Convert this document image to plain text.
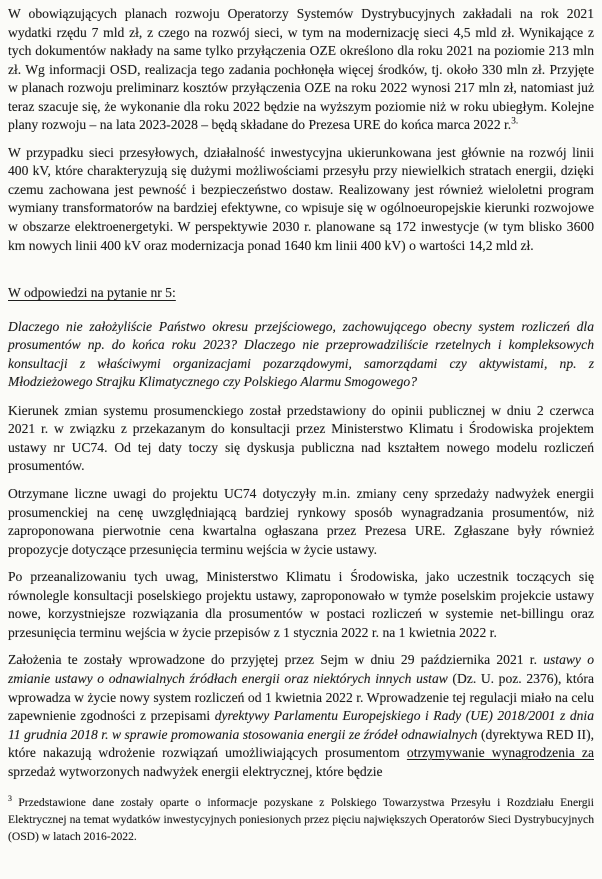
W obowiązujących planach rozwoju Operatorzy Systemów Dystrybucyjnych zakładali na rok 2021 wydatki rzędu 7 mld zł, z czego na rozwój sieci, w tym na modernizację sieci 4,5 mld zł. Wynikające z tych dokumentów nakłady na same tylko przyłączenia OZE określono dla roku 2021 na poziomie 213 mln zł. Wg informacji OSD, realizacja tego zadania pochłonęła więcej środków, tj. około 330 mln zł. Przyjęte w planach rozwoju preliminarz kosztów przyłączenia OZE na roku 2022 wynosi 217 mln zł, natomiast już teraz szacuje się, że wykonanie dla roku 2022 będzie na wyższym poziomie niż w roku ubiegłym. Kolejne plany rozwoju – na lata 2023-2028 – będą składane do Prezesa URE do końca marca 2022 r.$^{3.}$

W przypadku sieci przesyłowych, działalność inwestycyjna ukierunkowana jest głównie na rozwój linii 400 kV, które charakteryzują się dużymi możliwościami przesyłu przy niewielkich stratach energii, dzięki czemu zachowana jest pewność i bezpieczeństwo dostaw. Realizowany jest również wieloletni program wymiany transformatorów na bardziej efektywne, co wpisuje się w ogólnoeuropejskie kierunki rozwojowe w obszarze elektroenergetyki. W perspektywie 2030 r. planowane są 172 inwestycje (w tym blisko 3600 km nowych linii 400 kV oraz modernizacja ponad 1640 km linii 400 kV) o wartości 14,2 mld zł.

W odpowiedzi na pytanie nr 5:

Dlaczego nie założyliście Państwo okresu przejściowego, zachowującego obecny system rozliczeń dla prosumentów np. do końca roku 2023? Dlaczego nie przeprowadziliście rzetelnych i kompleksowych konsultacji z właściwymi organizacjami pozarządowymi, samorządami czy aktywistami, np. z Młodzieżowego Strajku Klimatycznego czy Polskiego Alarmu Smogowego?

Kierunek zmian systemu prosumenckiego został przedstawiony do opinii publicznej w dniu 2 czerwca 2021 r. w związku z przekazanym do konsultacji przez Ministerstwo Klimatu i Środowiska projektem ustawy nr UC74. Od tej daty toczy się dyskusja publiczna nad kształtem nowego modelu rozliczeń prosumentów.

Otrzymane liczne uwagi do projektu UC74 dotyczyły m.in. zmiany ceny sprzedaży nadwyżek energii prosumenckiej na cenę uwzględniającą bardziej rynkowy sposób wynagradzania prosumentów, niż zaproponowana pierwotnie cena kwartalna ogłaszana przez Prezesa URE. Zgłaszane były również propozycje dotyczące przesunięcia terminu wejścia w życie ustawy.

Po przeanalizowaniu tych uwag, Ministerstwo Klimatu i Środowiska, jako uczestnik toczących się równolegle konsultacji poselskiego projektu ustawy, zaproponowało w tymże poselskim projekcie ustawy nowe, korzystniejsze rozwiązania dla prosumentów w postaci rozliczeń w systemie net-billingu oraz przesunięcia terminu wejścia w życie przepisów z 1 stycznia 2022 r. na 1 kwietnia 2022 r.

Założenia te zostały wprowadzone do przyjętej przez Sejm w dniu 29 października 2021 r. ustawy o zmianie ustawy o odnawialnych źródłach energii oraz niektórych innych ustaw (Dz. U. poz. 2376), która wprowadza w życie nowy system rozliczeń od 1 kwietnia 2022 r. Wprowadzenie tej regulacji miało na celu zapewnienie zgodności z przepisami dyrektywy Parlamentu Europejskiego i Rady (UE) 2018/2001 z dnia 11 grudnia 2018 r. w sprawie promowania stosowania energii ze źródeł odnawialnych (dyrektywa RED II), które nakazują wdrożenie rozwiązań umożliwiających prosumentom otrzymywanie wynagrodzenia za sprzedaż wytworzonych nadwyżek energii elektrycznej, które będzie

$^3$ Przedstawione dane zostały oparte o informacje pozyskane z Polskiego Towarzystwa Przesyłu i Rozdziału Energii Elektrycznej na temat wydatków inwestycyjnych poniesionych przez pięciu największych Operatorów Sieci Dystrybucyjnych (OSD) w latach 2016-2022.
